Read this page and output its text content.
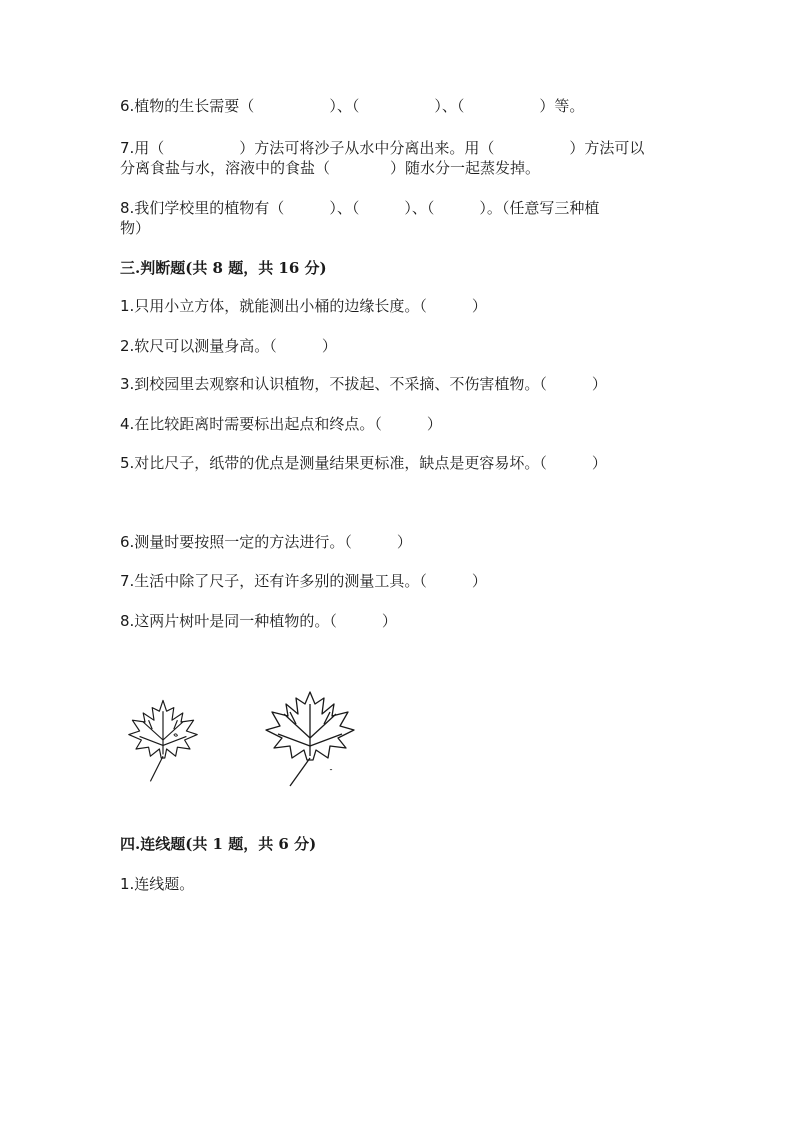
6.植物的生长需要（　　　　　）、（　　　　　）、（　　　　　）等。
7.用（　　　　　）方法可将沙子从水中分离出来。用（　　　　　）方法可以
分离食盐与水，溶液中的食盐（　　　　）随水分一起蒸发掉。
8.我们学校里的植物有（　　　）、（　　　）、（　　　）。（任意写三种植
物）
三.判断题(共 8 题，共 16 分)
1.只用小立方体，就能测出小桶的边缘长度。（　　　）
2.软尺可以测量身高。（　　　）
3.到校园里去观察和认识植物，不拔起、不采摘、不伤害植物。（　　　）
4.在比较距离时需要标出起点和终点。（　　　）
5.对比尺子，纸带的优点是测量结果更标准，缺点是更容易坏。（　　　）
6.测量时要按照一定的方法进行。（　　　）
7.生活中除了尺子，还有许多别的测量工具。（　　　）
8.这两片树叶是同一种植物的。（　　　）
四.连线题(共 1 题，共 6 分)
1.连线题。
